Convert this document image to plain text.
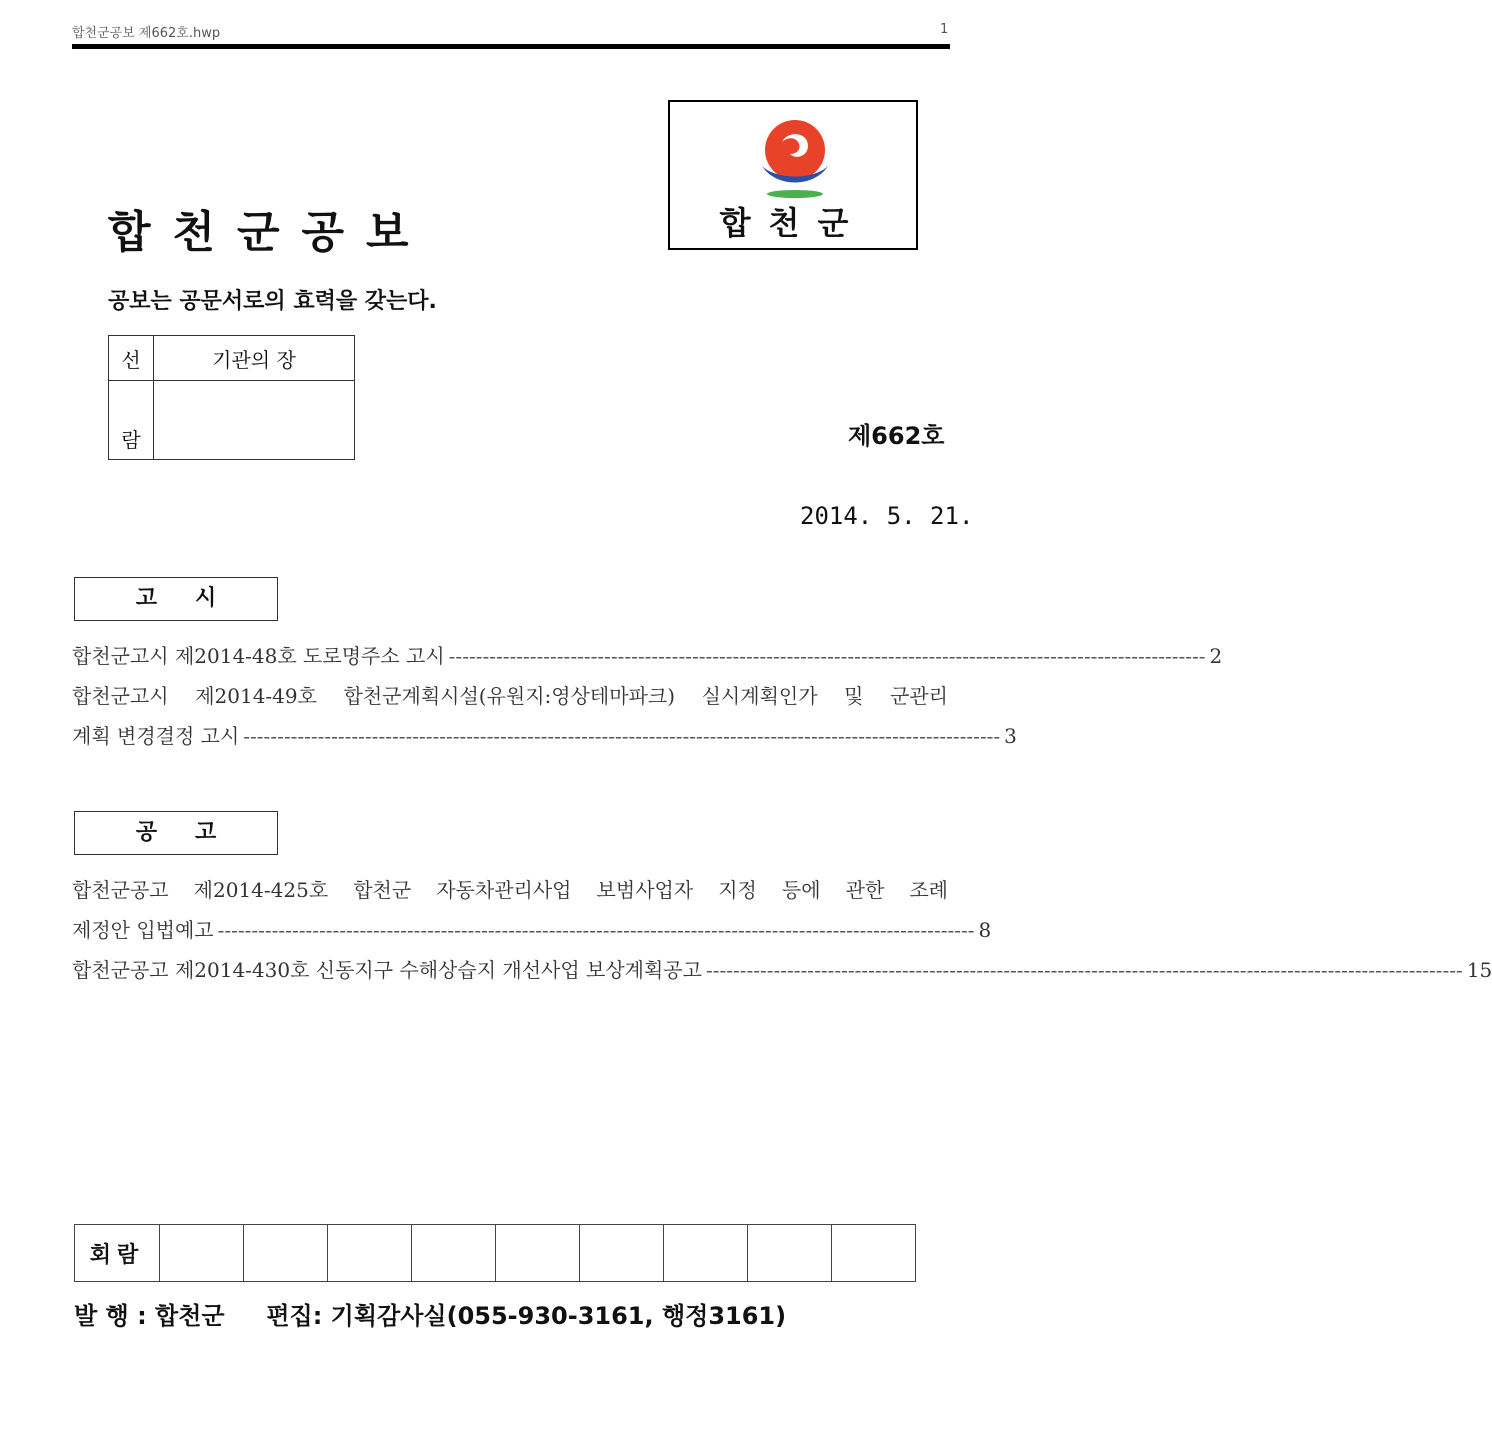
합천군공보 제662호.hwp	1
합천군공보	합천군
공보는 공문서로의 효력을 갖는다.
선	기관의 장
람		제662호
2014. 5. 21.
고시
합천군고시 제2014-48호 도로명주소 고시 ---------------------------------------------------------------------------------------------------------------- 2
합천군고시 제2014-49호 합천군계획시설(유원지:영상테마파크) 실시계획인가 및 군관리
계획 변경결정 고시 ---------------------------------------------------------------------------------------------------------------- 3
공고
합천군공고 제2014-425호 합천군 자동차관리사업 보범사업자 지정 등에 관한 조례
제정안 입법예고 ---------------------------------------------------------------------------------------------------------------- 8
합천군공고 제2014-430호 신동지구 수해상습지 개선사업 보상계획공고 ---------------------------------------------------------------------------------------------------------------- 15
회람									
발 행 : 합천군     편집: 기획감사실(055-930-3161, 행정3161)
